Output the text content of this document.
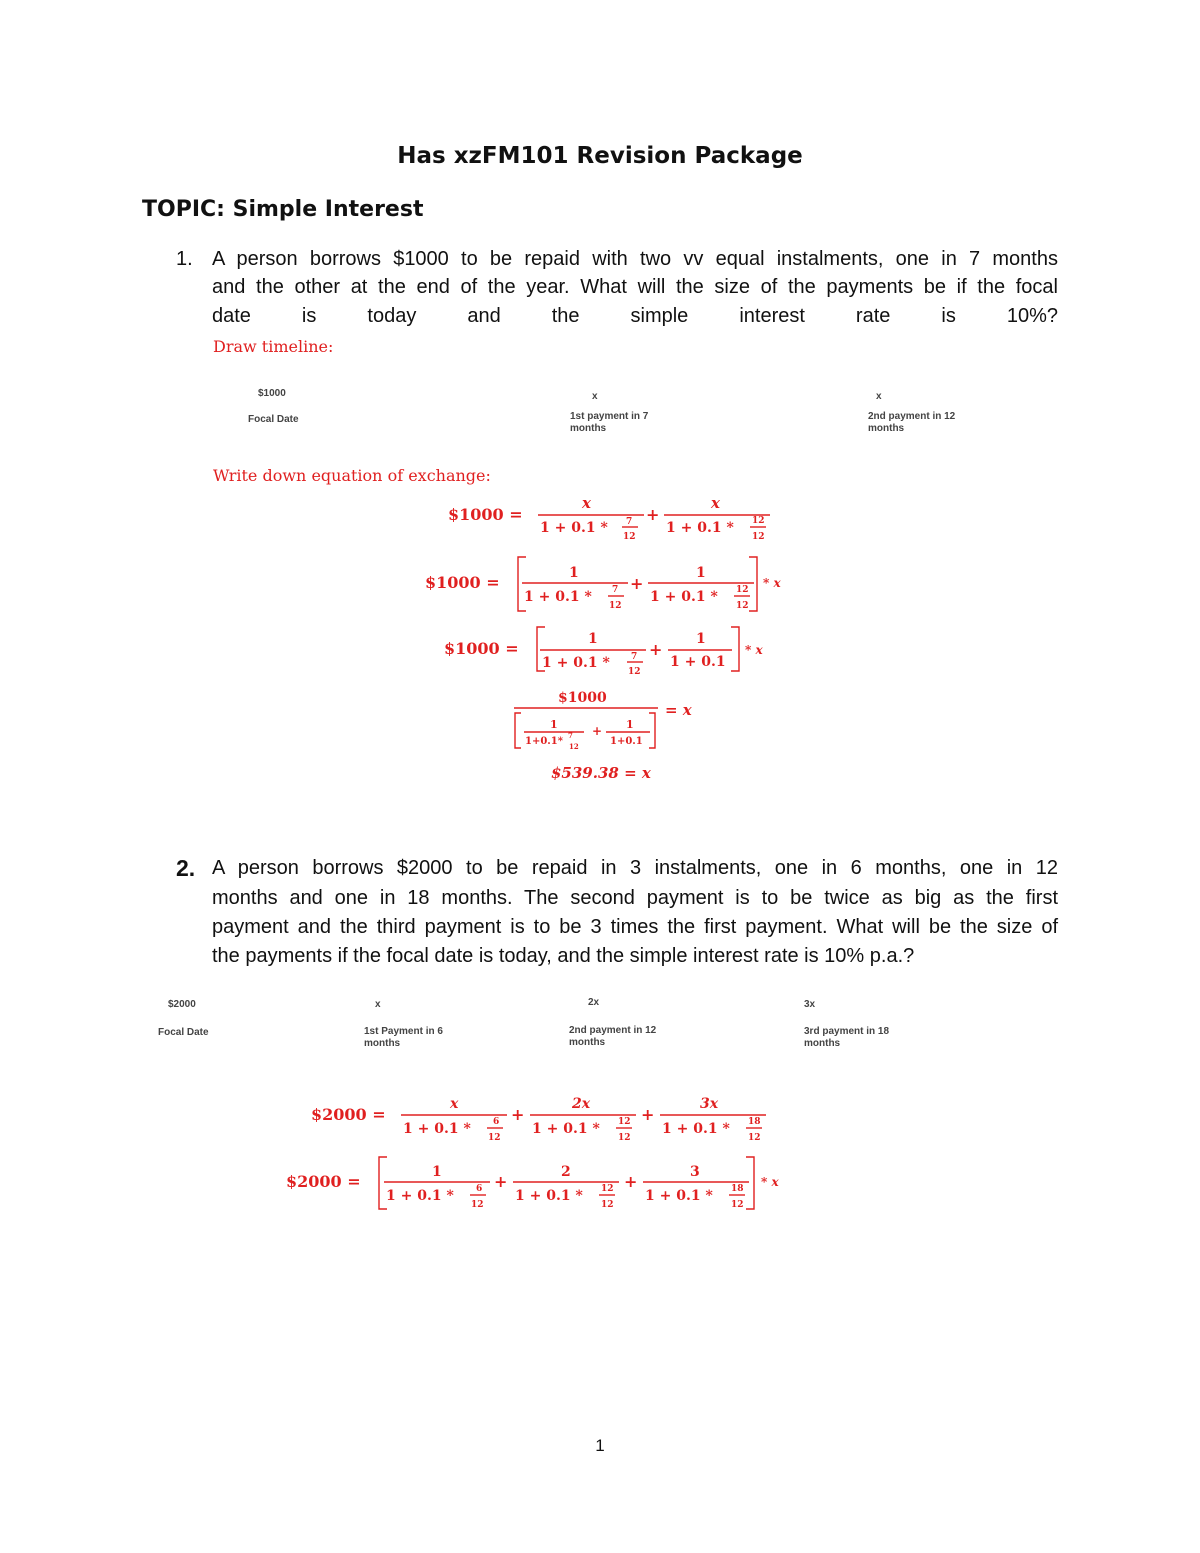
Has xzFM101 Revision Package
TOPIC: Simple Interest
1. A person borrows $1000 to be repaid with two vv equal instalments, one in 7 months
and the other at the end of the year. What will the size of the payments be if the focal
date is today and the simple interest rate is 10%?
Draw timeline:
$1000
Focal Date
x
1st payment in 7 months
x
2nd payment in 12 months
Write down equation of exchange:
2. A person borrows $2000 to be repaid in 3 instalments, one in 6 months, one in 12
months and one in 18 months. The second payment is to be twice as big as the first
payment and the third payment is to be 3 times the first payment. What will be the size of
the payments if the focal date is today, and the simple interest rate is 10% p.a.?
$2000
Focal Date
x
1st Payment in 6 months
2x
2nd payment in 12 months
3x
3rd payment in 18 months
$1000 =
x
1 + 0.1 * 7
12
+
x
1 + 0.1 * 12
12
$1000 =	1
1 + 0.1 * 7
12
+
1
1 + 0.1 * 12
12
* x
$1000 =	1
1 + 0.1 * 7
12
+
1
1 + 0.1
* x
$1000
1
1+0.1*
7
12
+ 1
1+0.1
= x
$539.38 = x
$2000 =
x
1 + 0.1 * 6
12
+
2x
1 + 0.1 * 12
12
+
3x
1 + 0.1 * 18
12
$2000 =	1
1 + 0.1 * 6
12
+	2
1 + 0.1 * 12
12
+	3
1 + 0.1 * 18
12
* x
1
